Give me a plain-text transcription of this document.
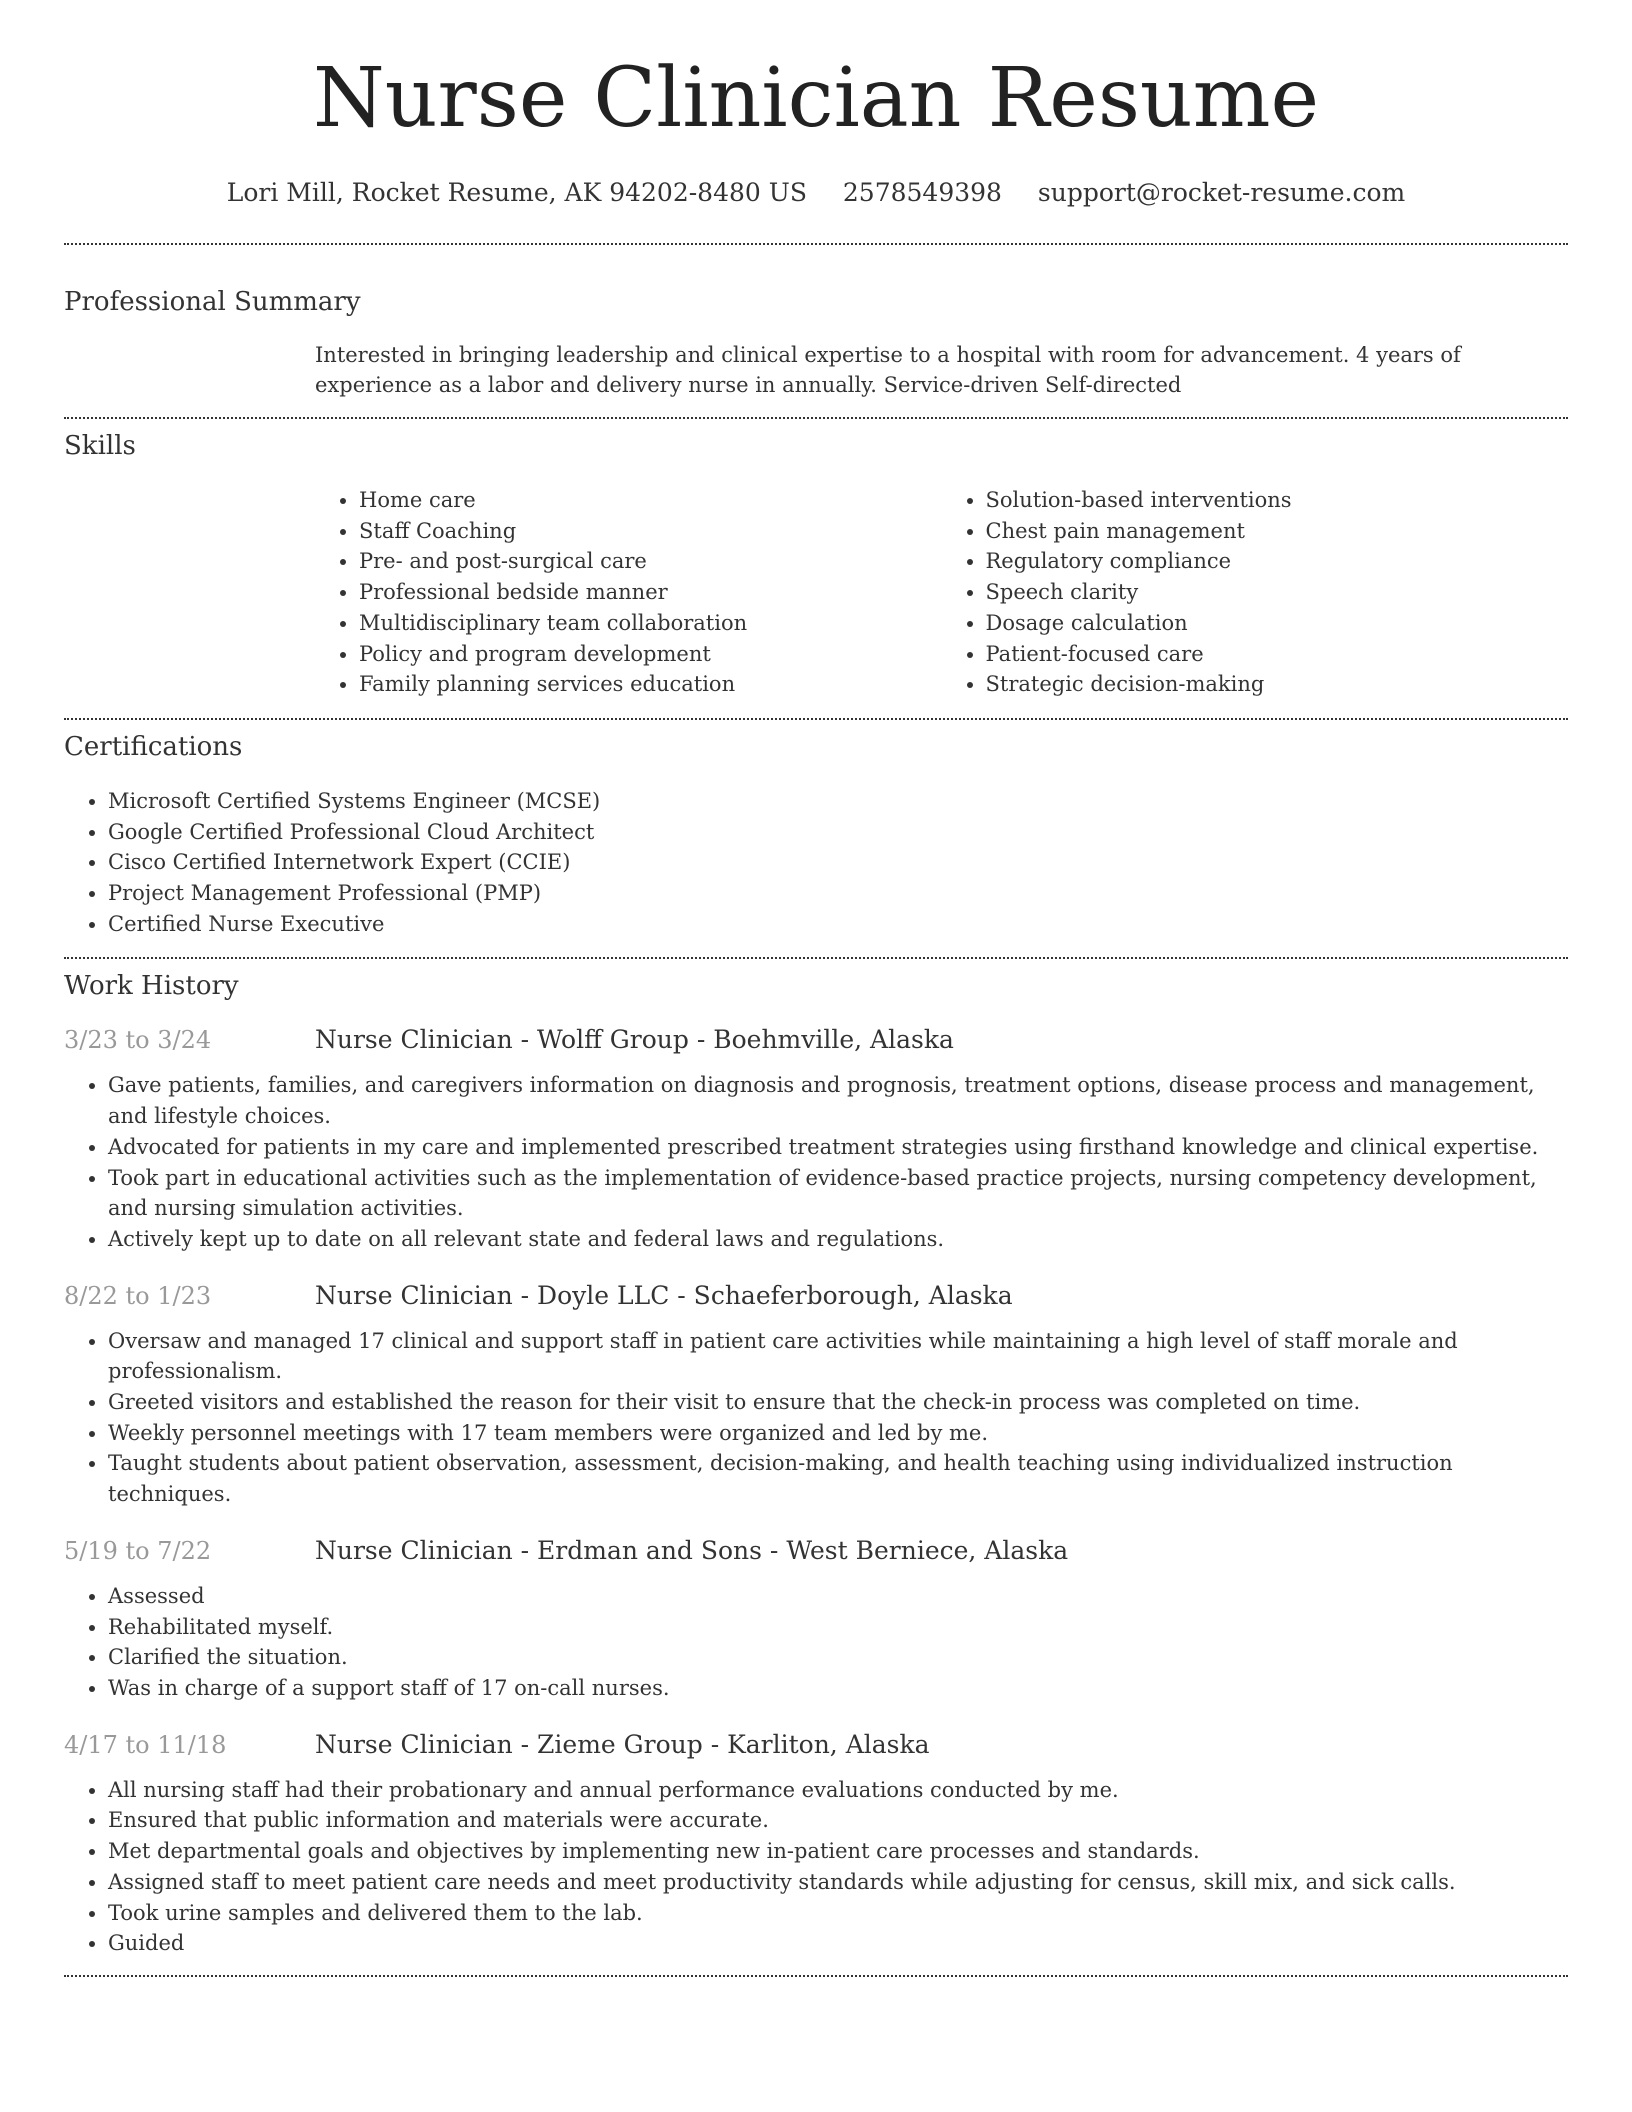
Nurse Clinician Resume
Lori Mill, Rocket Resume, AK 94202-8480 US 2578549398 support@rocket-resume.com
Professional Summary

Interested in bringing leadership and clinical expertise to a hospital with room for advancement. 4 years of experience as a labor and delivery nurse in annually. Service-driven Self-directed

Skills
• Home care
• Staff Coaching
• Pre- and post-surgical care
• Professional bedside manner
• Multidisciplinary team collaboration
• Policy and program development
• Family planning services education
• Solution-based interventions
• Chest pain management
• Regulatory compliance
• Speech clarity
• Dosage calculation
• Patient-focused care
• Strategic decision-making
Certifications
• Microsoft Certified Systems Engineer (MCSE)
• Google Certified Professional Cloud Architect
• Cisco Certified Internetwork Expert (CCIE)
• Project Management Professional (PMP)
• Certified Nurse Executive
Work History
3/23 to 3/24	Nurse Clinician - Wolff Group - Boehmville, Alaska
• Gave patients, families, and caregivers information on diagnosis and prognosis, treatment options, disease process and management, and lifestyle choices.
• Advocated for patients in my care and implemented prescribed treatment strategies using firsthand knowledge and clinical expertise.
• Took part in educational activities such as the implementation of evidence-based practice projects, nursing competency development, and nursing simulation activities.
• Actively kept up to date on all relevant state and federal laws and regulations.
8/22 to 1/23	Nurse Clinician - Doyle LLC - Schaeferborough, Alaska
• Oversaw and managed 17 clinical and support staff in patient care activities while maintaining a high level of staff morale and professionalism.
• Greeted visitors and established the reason for their visit to ensure that the check-in process was completed on time.
• Weekly personnel meetings with 17 team members were organized and led by me.
• Taught students about patient observation, assessment, decision-making, and health teaching using individualized instruction techniques.
5/19 to 7/22	Nurse Clinician - Erdman and Sons - West Berniece, Alaska
• Assessed
• Rehabilitated myself.
• Clarified the situation.
• Was in charge of a support staff of 17 on-call nurses.
4/17 to 11/18	Nurse Clinician - Zieme Group - Karliton, Alaska
• All nursing staff had their probationary and annual performance evaluations conducted by me.
• Ensured that public information and materials were accurate.
• Met departmental goals and objectives by implementing new in-patient care processes and standards.
• Assigned staff to meet patient care needs and meet productivity standards while adjusting for census, skill mix, and sick calls.
• Took urine samples and delivered them to the lab.
• Guided
